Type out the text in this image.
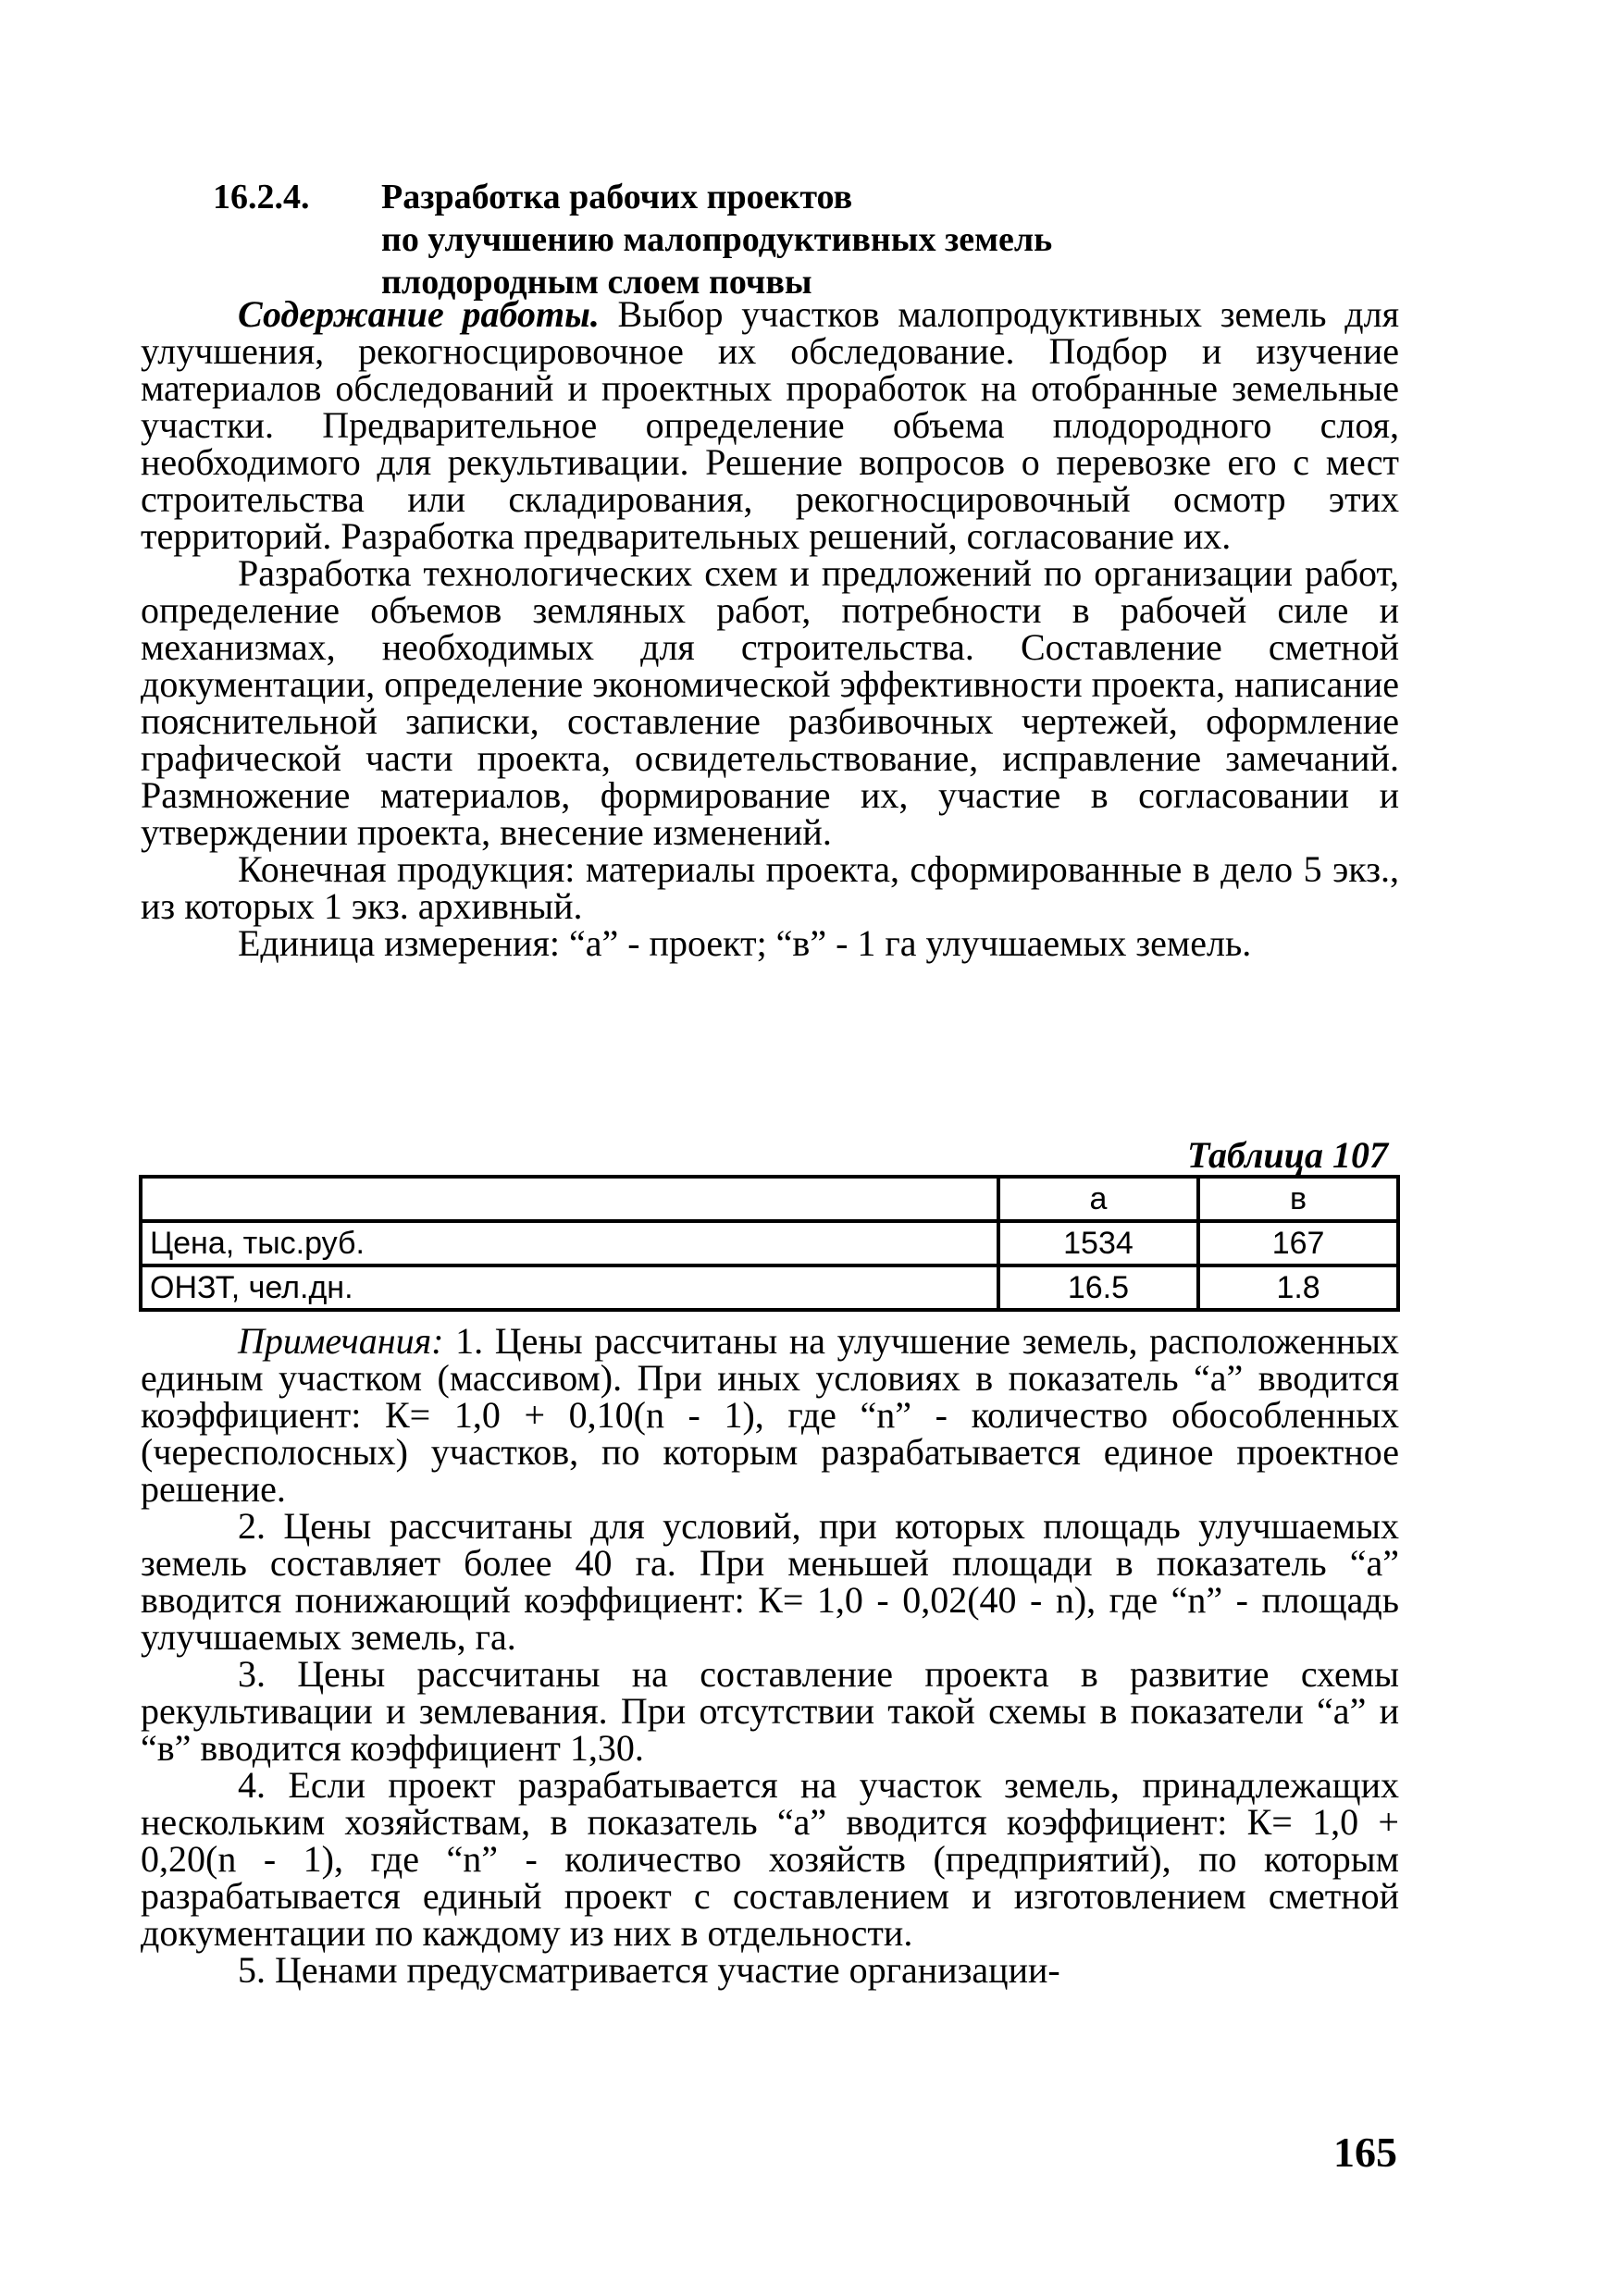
16.2.4. Разработка рабочих проектов
по улучшению малопродуктивных земель
плодородным слоем почвы

Содержание работы. Выбор участков малопродуктивных земель для улучшения, рекогносцировочное их обследование. Подбор и изучение материалов обследований и проектных проработок на отобранные земельные участки. Предварительное определение объема плодородного слоя, необходимого для рекультивации. Решение вопросов о перевозке его с мест строительства или складирования, рекогносцировочный осмотр этих территорий. Разработка предварительных решений, согласование их.

Разработка технологических схем и предложений по организации работ, определение объемов земляных работ, потребности в рабочей силе и механизмах, необходимых для строительства. Составление сметной документации, определение экономической эффективности проекта, написание пояснительной записки, составление разбивочных чертежей, оформление графической части проекта, освидетельствование, исправление замечаний. Размножение материалов, формирование их, участие в согласовании и утверждении проекта, внесение изменений.

Конечная продукция: материалы проекта, сформированные в дело 5 экз., из которых 1 экз. архивный.

Единица измерения: “а” - проект; “в” - 1 га улучшаемых земель.

Таблица 107
	а	в
Цена, тыс.руб.	1534	167
ОНЗТ, чел.дн.	16.5	1.8

Примечания: 1. Цены рассчитаны на улучшение земель, расположенных единым участком (массивом). При иных условиях в показатель “а” вводится коэффициент: К= 1,0 + 0,10(n - 1), где “n” - количество обособленных (чересполосных) участков, по которым разрабатывается единое проектное решение.

2. Цены рассчитаны для условий, при которых площадь улучшаемых земель составляет более 40 га. При меньшей площади в показатель “а” вводится понижающий коэффициент: К= 1,0 - 0,02(40 - n), где “n” - площадь улучшаемых земель, га.

3. Цены рассчитаны на составление проекта в развитие схемы рекультивации и землевания. При отсутствии такой схемы в показатели “а” и “в” вводится коэффициент 1,30.

4. Если проект разрабатывается на участок земель, принадлежащих нескольким хозяйствам, в показатель “а” вводится коэффициент: К= 1,0 + 0,20(n - 1), где “n” - количество хозяйств (предприятий), по которым разрабатывается единый проект с составлением и изготовлением сметной документации по каждому из них в отдельности.

5. Ценами предусматривается участие организации-

165
